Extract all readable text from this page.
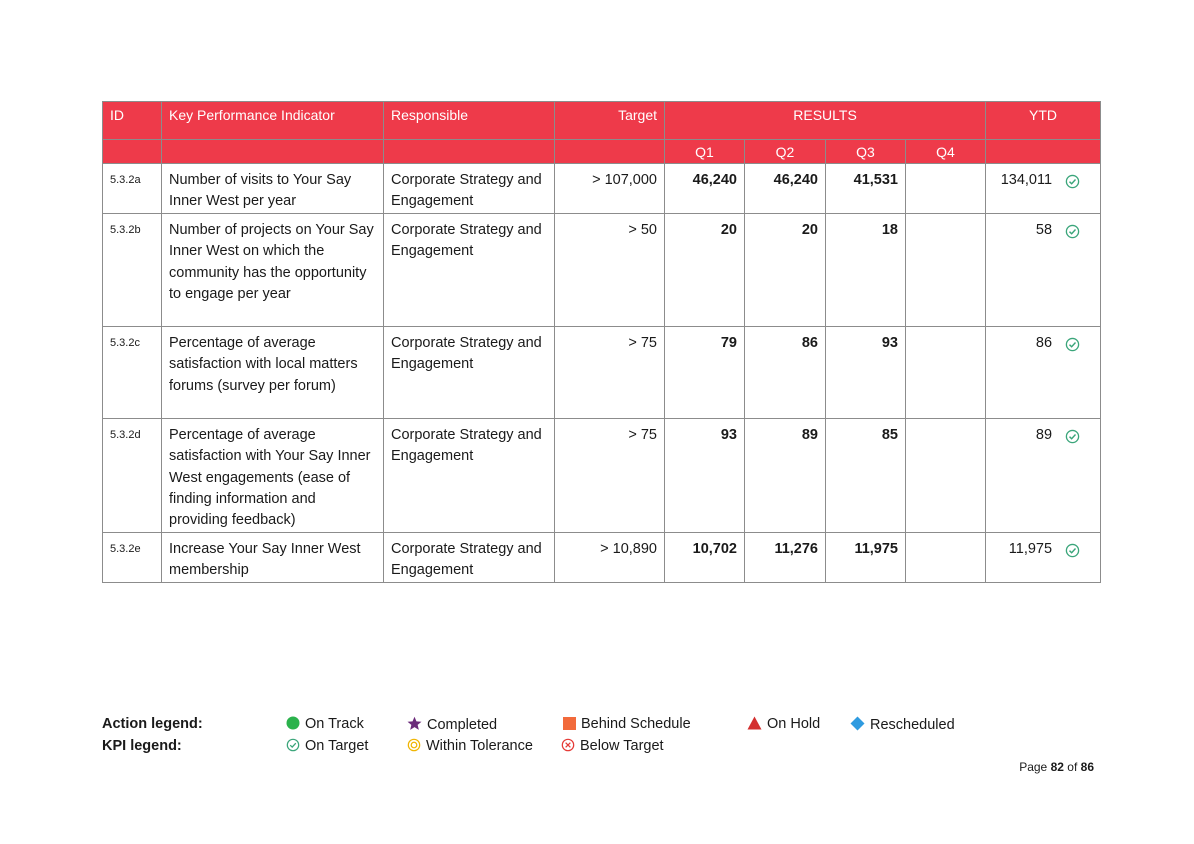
ID	Key Performance Indicator	Responsible	Target	RESULTS				YTD
				Q1	Q2	Q3	Q4	
5.3.2a	Number of visits to Your Say Inner West per year	Corporate Strategy and Engagement	> 107,000	46,240	46,240	41,531		134,011

5.3.2b	Number of projects on Your Say Inner West on which the community has the opportunity to engage per year	Corporate Strategy and Engagement	> 50	20	20	18		58

5.3.2c	Percentage of average satisfaction with local matters forums (survey per forum)	Corporate Strategy and Engagement	> 75	79	86	93		86

5.3.2d	Percentage of average satisfaction with Your Say Inner West engagements (ease of finding information and providing feedback)	Corporate Strategy and Engagement	> 75	93	89	85		89

5.3.2e	Increase Your Say Inner West membership	Corporate Strategy and Engagement	> 10,890	10,702	11,276	11,975		11,975
Action legend:	On Track	Completed	Behind Schedule	On Hold	Rescheduled
KPI legend:	On Target	Within Tolerance	Below Target
Page 82 of 86
